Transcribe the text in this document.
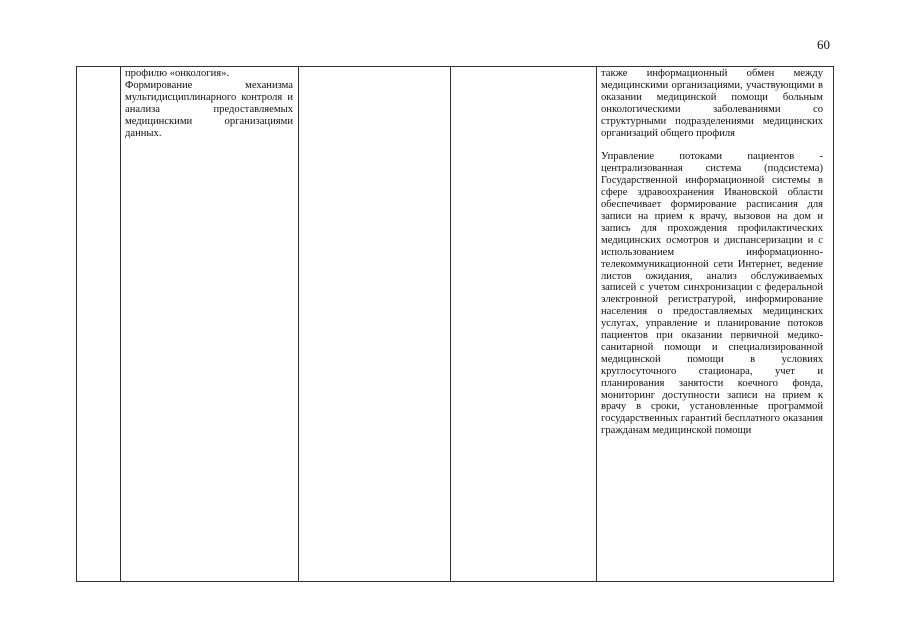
60

профилю «онкология».

Формирование механизма мультидисциплинарного контроля и анализа предоставляемых медицинскими организациями данных.

также информационный обмен между медицинскими организациями, участвующими в оказании медицинской помощи больным онкологическими заболеваниями со структурными подразделениями медицинских организаций общего профиля

Управление потоками пациентов - централизованная система (подсистема) Государственной информационной системы в сфере здравоохранения Ивановской области обеспечивает формирование расписания для записи на прием к врачу, вызовов на дом и запись для прохождения профилактических медицинских осмотров и диспансеризации и с использованием информационно-телекоммуникационной сети Интернет, ведение листов ожидания, анализ обслуживаемых записей с учетом синхронизации с федеральной электронной регистратурой, информирование населения о предоставляемых медицинских услугах, управление и планирование потоков пациентов при оказании первичной медико-санитарной помощи и специализированной медицинской помощи в условиях круглосуточного стационара, учет и планирования занятости коечного фонда, мониторинг доступности записи на прием к врачу в сроки, установленные программой государственных гарантий бесплатного оказания гражданам медицинской помощи
